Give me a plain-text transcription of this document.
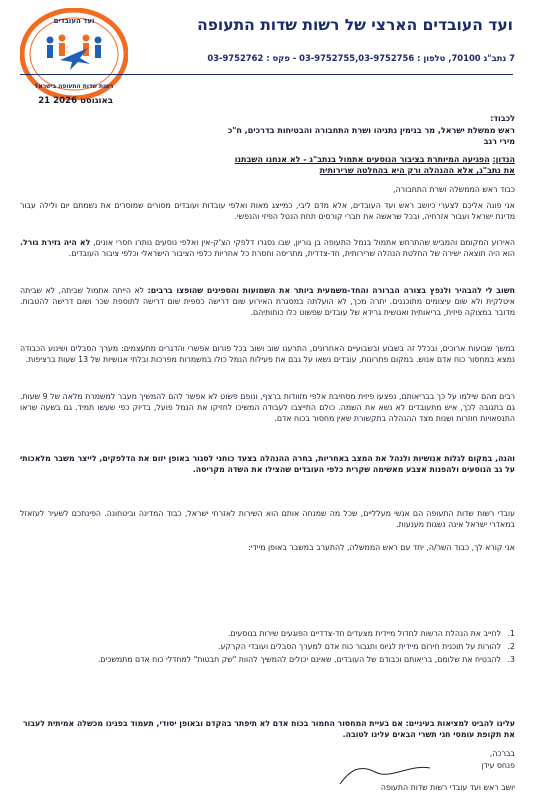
ועד העובדים
רשות שדות התעופה בישראל
ועד העובדים הארצי של רשות שדות התעופה
7 נתב"ג 70100, טלפון : 03-9752755,03-9752756 - פקס : 03-9752762
21 באוגוסט 2026
לכבוד:
ראש ממשלת ישראל, מר בנימין נתניהו ושרת התחבורה והבטיחות בדרכים, ח"כ
מירי רגב
הנדון: הפגיעה המיותרת בציבור הנוסעים אתמול בנתב"ג - לא אנחנו השבתנו
את נתב"ג, אלא ההנהלה ורק היא בהחלטה שרירותית
כבוד ראש הממשלה ושרת התחבורה,
אני פונה אליכם לצערי כיושב ראש ועד העובדים, אלא מדם ליבי, כמייצג מאות ואלפי עובדות ועובדים מסורים שמוסרים את נשמתם יום ולילה עבור מדינת ישראל ועבור אזרחיה, ובכל שראשה את חברי קורסים תחת הנטל הפיזי והנפשי.
האירוע המקומם והמביש שהתרחש אתמול בנמל התעופה בן גוריון, שבו נסגרו דלפקי הצ'ק-אין ואלפי נוסעים נותרו חסרי אונים, לא היה גזירת גורל. הוא היה תוצאה ישירה של החלטת הנהלה שרירותית, חד-צדדית, מתריסה וחסרת כל אחריות כלפי הציבור הישראלי וכלפי ציבור העובדים.
חשוב לי להבהיר ולנפץ בצורה הברורה והחד-משמעית ביותר את השמועות והספינים שהופצו ברבים: לא הייתה אתמול שביתה, לא שביתה איטלקית ולא שום עיצומים מתוכננים. יתרה מכך, לא הועלתה במסגרת האירוע שום דרישה כספית שום דרישה לתוספת שכר ושום דרישה להטבות. מדובר במצוקה פיזית, בריאותית ואנושית גרידא של עובדים שפשוט כלו כוחותיהם.
במשך שבועות ארוכים, ובכלל זה בשבוע ובשבועיים האחרונים, התרענו שוב ושוב בכל פורום אפשרי והדגרים מתעצמים: מערך הסבלים ושינוע הכבודה נמצא במחסור כוח אדם אנוש. במקום פתרונות, עובדים נשאו על גבם את פעילות הנמל כולו במשמרות מפרכות ובלתי אנושיות של 13 שעות ברציפות.
רבים מהם שילמו על כך בבריאותם, נפצעו פיזית מסחיבת אלפי מזוודות ברצף, ונופם פשוט לא אפשר להם להמשיך מעבר למשמרת מלאה של 9 שעות. גם בתגובה לכך, איש מתעובדים לא נשא את השמה. כולם התייצבו לעבודה המשיכו לחזיקו את הנמל פועל, בדיוק כפי שעשו תמיד. גם בשעה שראו התנסאויות חוזרות ושנות מצד ההנהלה בתקשורת שאין מחסור בכוח אדם.
והנה, במקום לגלות אנושיות ולנהל את המצב באחריות, בחרה ההנהלה בצעד כוחני לסגור באופן יזום את הדלפקים, לייצר משבר מלאכותי על גב הנוסעים ולהפנות אצבע מאשימה שקרית כלפי העובדים שהצילו את השדה מקריסה.
עובדי רשות שדות התעופה הם אנשי מעלליים, שכל מה שמנחה אותם הוא השירות לאזרחי ישראל, כבוד המדינה וביטחונה. הפינתכם לשעיר לעזאזל במאדרי ישראל אינה נשגות מענעות.
אני קורא לך, כבוד השר/ה, יחד עם ראש הממשלה, להתערב במשבר באופן מיידי:
1.
לחייב את הנהלת הרשות לחדול מיידית מצעדים חד-צדדיים הפוגעים שירות בנוסעים.
2.
להורות על תוכנית חירום מיידית לגיוס ותגבור כוח אדם למערך הסבלים ועובדי הקרקע.
3.
להבטיח את שלומם, בריאותם וכבודם של העובדים, שאינם יכולים להמשיך להוות "שק חבטות" למחדלי כוח אדם מתמשכים.
עלינו להביט למציאות בעיניים: אם בעיית המחסור החמור בכוח אדם לא תיפתר בהקדם ובאופן יסודי, תעמוד בפנינו מכשלה אמיתית לעבור את תקופת עומסי חגי תשרי הבאים עלינו לטובה.
בברכה,
פנחס עידן
יושב ראש ועד עובדי רשות שדות התעופה
